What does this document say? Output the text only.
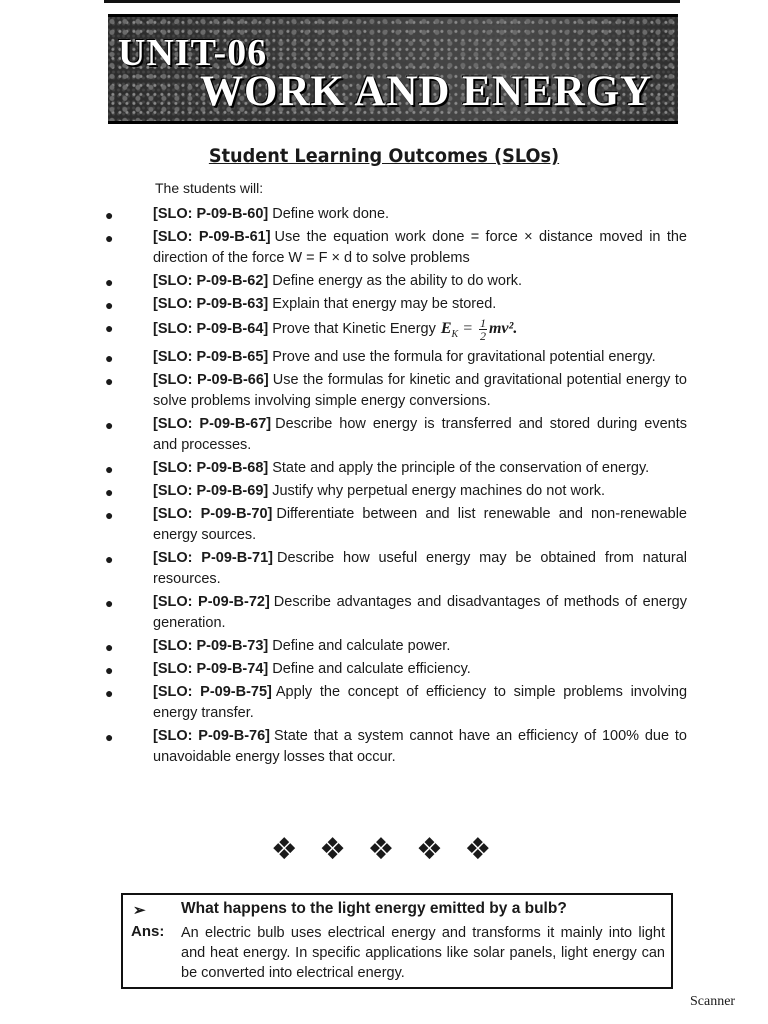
UNIT-06
WORK AND ENERGY
Student Learning Outcomes (SLOs)
The students will:
●	[SLO: P-09-B-60] Define work done.
●	[SLO: P-09-B-61] Use the equation work done = force × distance moved in the direction of the force W = F × d to solve problems
●	[SLO: P-09-B-62] Define energy as the ability to do work.
●	[SLO: P-09-B-63] Explain that energy may be stored.
●	[SLO: P-09-B-64] Prove that Kinetic Energy $E_K = \frac{1}{2} mv^2$.
●	[SLO: P-09-B-65] Prove and use the formula for gravitational potential energy.
●	[SLO: P-09-B-66] Use the formulas for kinetic and gravitational potential energy to solve problems involving simple energy conversions.
●	[SLO: P-09-B-67] Describe how energy is transferred and stored during events and processes.
●	[SLO: P-09-B-68] State and apply the principle of the conservation of energy.
●	[SLO: P-09-B-69] Justify why perpetual energy machines do not work.
●	[SLO: P-09-B-70] Differentiate between and list renewable and non-renewable energy sources.
●	[SLO: P-09-B-71] Describe how useful energy may be obtained from natural resources.
●	[SLO: P-09-B-72] Describe advantages and disadvantages of methods of energy generation.
●	[SLO: P-09-B-73] Define and calculate power.
●	[SLO: P-09-B-74] Define and calculate efficiency.
●	[SLO: P-09-B-75] Apply the concept of efficiency to simple problems involving energy transfer.
●	[SLO: P-09-B-76] State that a system cannot have an efficiency of 100% due to unavoidable energy losses that occur.
❖ ❖ ❖ ❖ ❖
➢ What happens to the light energy emitted by a bulb?
Ans: An electric bulb uses electrical energy and transforms it mainly into light and heat energy. In specific applications like solar panels, light energy can be converted into electrical energy.
Scanner
